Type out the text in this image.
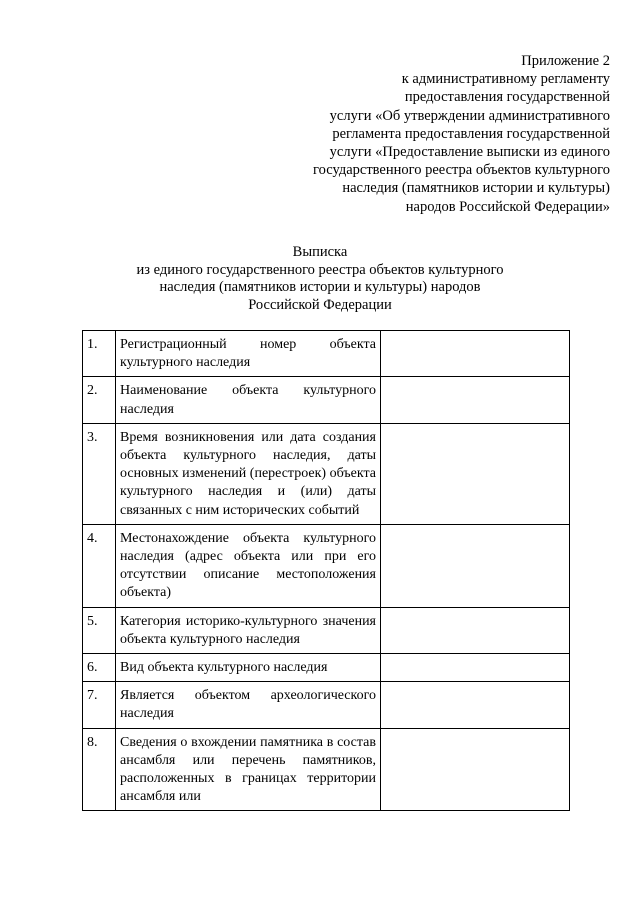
Приложение 2
к административному регламенту
предоставления государственной
услуги «Об утверждении административного
регламента предоставления государственной
услуги «Предоставление выписки из единого
государственного реестра объектов культурного
наследия (памятников истории и культуры)
народов Российской Федерации»
Выписка
из единого государственного реестра объектов культурного
наследия (памятников истории и культуры) народов
Российской Федерации
1.	Регистрационный номер объекта культурного наследия	
2.	Наименование объекта культурного наследия	
3.	Время возникновения или дата создания объекта культурного наследия, даты основных изменений (перестроек) объекта культурного наследия и (или) даты связанных с ним исторических событий	
4.	Местонахождение объекта культурного наследия (адрес объекта или при его отсутствии описание местоположения объекта)	
5.	Категория историко-культурного значения объекта культурного наследия	
6.	Вид объекта культурного наследия	
7.	Является объектом археологического наследия	
8.	Сведения о вхождении памятника в состав ансамбля или перечень памятников, расположенных в границах территории ансамбля или	
